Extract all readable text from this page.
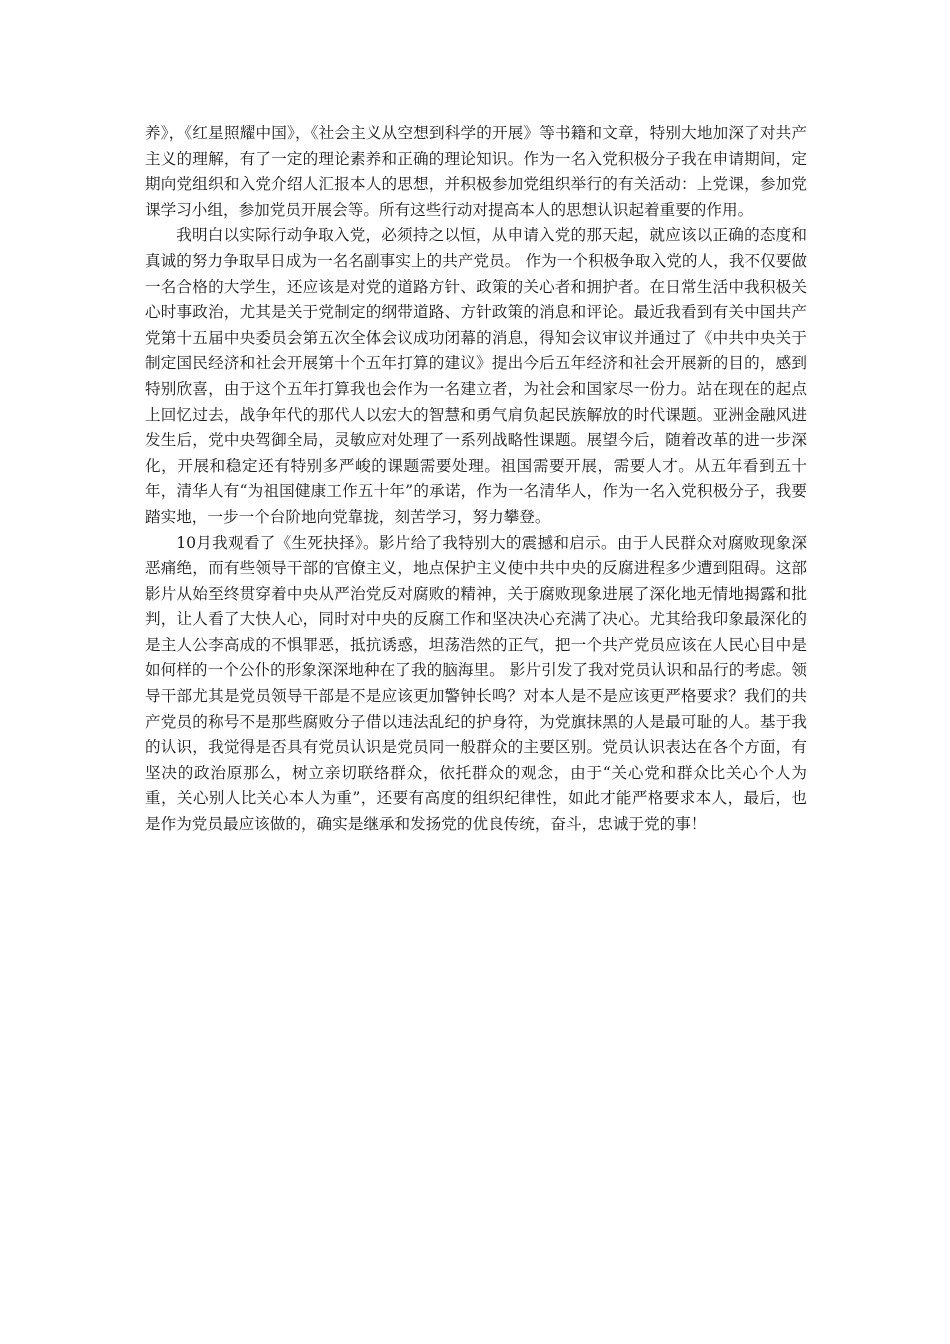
养》，《红星照耀中国》，《社会主义从空想到科学的开展》等书籍和文章，特别大地加深了对共产主义的理解，有了一定的理论素养和正确的理论知识。作为一名入党积极分子我在申请期间，定期向党组织和入党介绍人汇报本人的思想，并积极参加党组织举行的有关活动：上党课，参加党课学习小组，参加党员开展会等。所有这些行动对提高本人的思想认识起着重要的作用。

我明白以实际行动争取入党，必须持之以恒，从申请入党的那天起，就应该以正确的态度和真诚的努力争取早日成为一名名副事实上的共产党员。 作为一个积极争取入党的人，我不仅要做一名合格的大学生，还应该是对党的道路方针、政策的关心者和拥护者。在日常生活中我积极关心时事政治，尤其是关于党制定的纲带道路、方针政策的消息和评论。最近我看到有关中国共产党第十五届中央委员会第五次全体会议成功闭幕的消息，得知会议审议并通过了《中共中央关于制定国民经济和社会开展第十个五年打算的建议》提出今后五年经济和社会开展新的目的，感到特别欣喜，由于这个五年打算我也会作为一名建立者，为社会和国家尽一份力。站在现在的起点上回忆过去，战争年代的那代人以宏大的智慧和勇气肩负起民族解放的时代课题。亚洲金融风进发生后，党中央驾御全局，灵敏应对处理了一系列战略性课题。展望今后，随着改革的进一步深化，开展和稳定还有特别多严峻的课题需要处理。祖国需要开展，需要人才。从五年看到五十年，清华人有“为祖国健康工作五十年”的承诺，作为一名清华人，作为一名入党积极分子，我要踏实地，一步一个台阶地向党靠拢，刻苦学习，努力攀登。

10月我观看了《生死抉择》。影片给了我特别大的震撼和启示。由于人民群众对腐败现象深恶痛绝，而有些领导干部的官僚主义，地点保护主义使中共中央的反腐进程多少遭到阻碍。这部影片从始至终贯穿着中央从严治党反对腐败的精神，关于腐败现象进展了深化地无情地揭露和批判，让人看了大快人心，同时对中央的反腐工作和坚决决心充满了决心。尤其给我印象最深化的是主人公李高成的不惧罪恶，抵抗诱惑，坦荡浩然的正气，把一个共产党员应该在人民心目中是如何样的一个公仆的形象深深地种在了我的脑海里。 影片引发了我对党员认识和品行的考虑。领导干部尤其是党员领导干部是不是应该更加警钟长鸣？对本人是不是应该更严格要求？我们的共产党员的称号不是那些腐败分子借以违法乱纪的护身符，为党旗抹黑的人是最可耻的人。基于我的认识，我觉得是否具有党员认识是党员同一般群众的主要区别。党员认识表达在各个方面，有坚决的政治原那么，树立亲切联络群众，依托群众的观念，由于“关心党和群众比关心个人为重，关心别人比关心本人为重”，还要有高度的组织纪律性，如此才能严格要求本人，最后，也是作为党员最应该做的，确实是继承和发扬党的优良传统，奋斗，忠诚于党的事！
